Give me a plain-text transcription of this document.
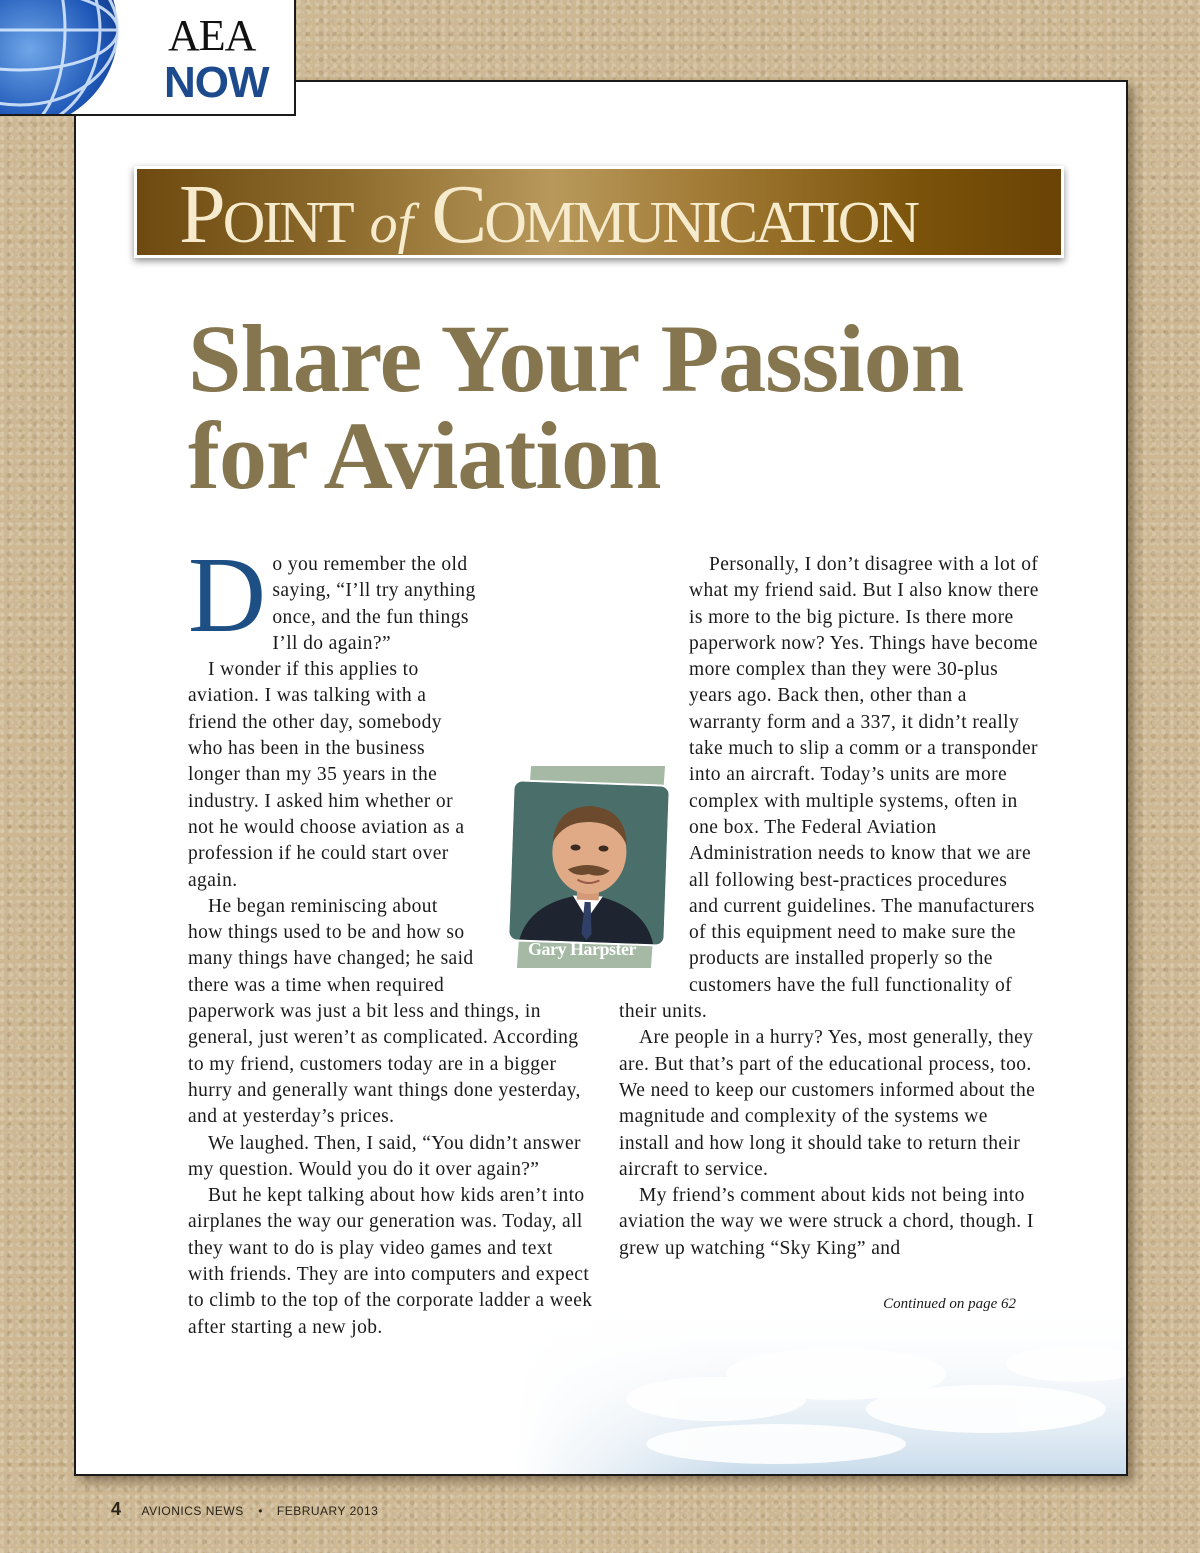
AEA
NOW
Point of Communication
Share Your Passion for Aviation

Do you remember the old saying, “I’ll try anything once, and the fun things I’ll do again?”

I wonder if this applies to aviation. I was talking with a friend the other day, somebody who has been in the business longer than my 35 years in the industry. I asked him whether or not he would choose aviation as a profession if he could start over again.

He began reminiscing about how things used to be and how so many things have changed; he said there was a time when required paperwork was just a bit less and things, in general, just weren’t as complicated. According to my friend, customers today are in a bigger hurry and generally want things done yesterday, and at yesterday’s prices.

We laughed. Then, I said, “You didn’t answer my question. Would you do it over again?”

But he kept talking about how kids aren’t into airplanes the way our generation was. Today, all they want to do is play video games and text with friends. They are into computers and expect to climb to the top of the corporate ladder a week after starting a new job.

Personally, I don’t disagree with a lot of what my friend said. But I also know there is more to the big picture. Is there more paperwork now? Yes. Things have become more complex than they were 30-plus years ago. Back then, other than a warranty form and a 337, it didn’t really take much to slip a comm or a transponder into an aircraft. Today’s units are more complex with multiple systems, often in one box. The Federal Aviation Administration needs to know that we are all following best-practices procedures and current guidelines. The manufacturers of this equipment need to make sure the products are installed properly so the customers have the full functionality of their units.

Are people in a hurry? Yes, most generally, they are. But that’s part of the educational process, too. We need to keep our customers informed about the magnitude and complexity of the systems we install and how long it should take to return their aircraft to service.

My friend’s comment about kids not being into aviation the way we were struck a chord, though. I grew up watching “Sky King” and

Continued on page 62
Gary Harpster
4 AVIONICS NEWS • FEBRUARY 2013
